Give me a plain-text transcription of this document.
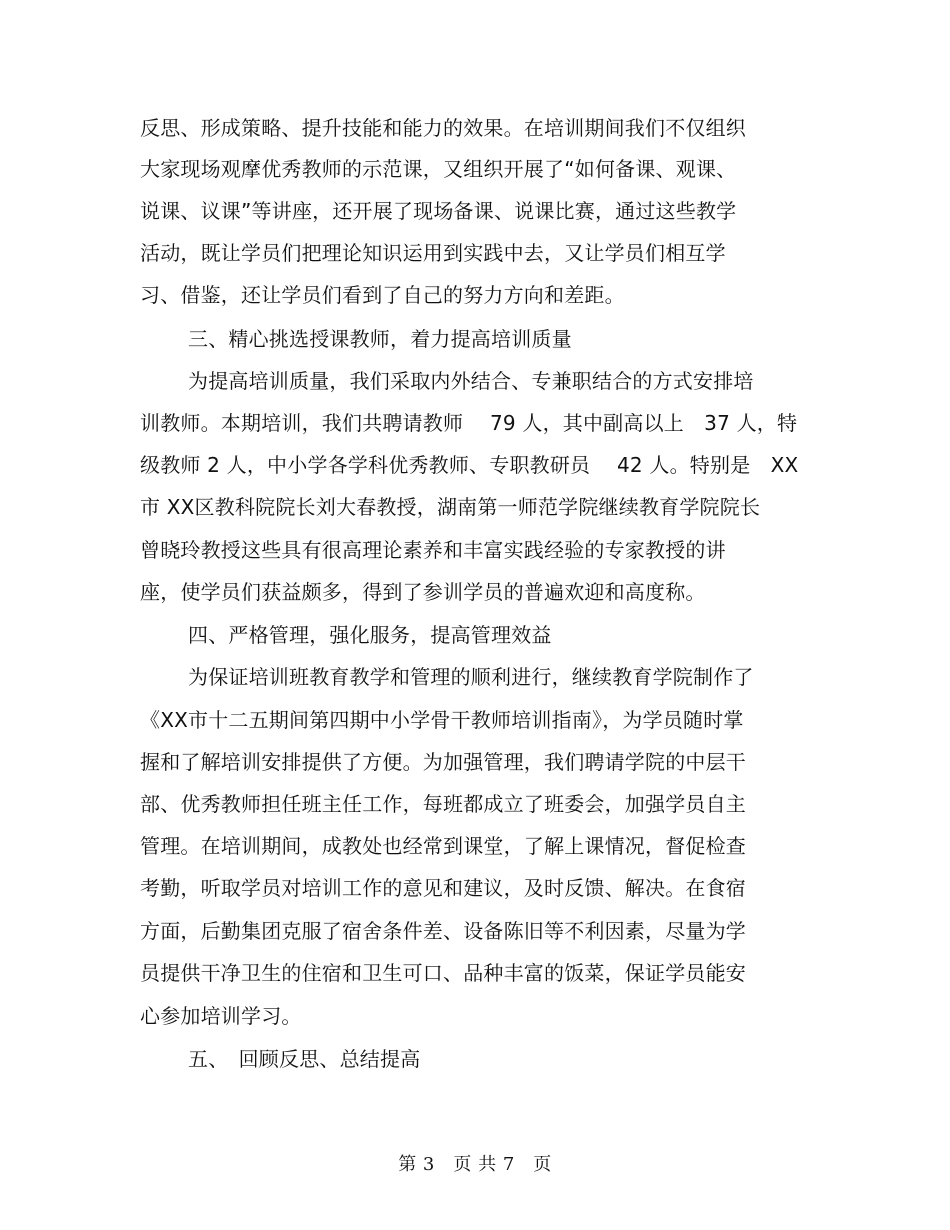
反思、形成策略、提升技能和能力的效果。在培训期间我们不仅组织
大家现场观摩优秀教师的示范课，又组织开展了“如何备课、观课、
说课、议课”等讲座，还开展了现场备课、说课比赛，通过这些教学
活动，既让学员们把理论知识运用到实践中去，又让学员们相互学
习、借鉴，还让学员们看到了自己的努力方向和差距。
三、精心挑选授课教师，着力提高培训质量
为提高培训质量，我们采取内外结合、专兼职结合的方式安排培
训教师。本期培训，我们共聘请教师　 79 人，其中副高以上　37 人，特
级教师 2 人，中小学各学科优秀教师、专职教研员　 42 人。特别是　XX
市 XX区教科院院长刘大春教授，湖南第一师范学院继续教育学院院长
曾晓玲教授这些具有很高理论素养和丰富实践经验的专家教授的讲
座，使学员们获益颇多，得到了参训学员的普遍欢迎和高度称。
四、严格管理，强化服务，提高管理效益
为保证培训班教育教学和管理的顺利进行，继续教育学院制作了
《XX市十二五期间第四期中小学骨干教师培训指南》，为学员随时掌
握和了解培训安排提供了方便。为加强管理，我们聘请学院的中层干
部、优秀教师担任班主任工作，每班都成立了班委会，加强学员自主
管理。在培训期间，成教处也经常到课堂，了解上课情况，督促检查
考勤，听取学员对培训工作的意见和建议，及时反馈、解决。在食宿
方面，后勤集团克服了宿舍条件差、设备陈旧等不利因素，尽量为学
员提供干净卫生的住宿和卫生可口、品种丰富的饭菜，保证学员能安
心参加培训学习。
五、　回顾反思、总结提高
第 3　页 共 7　页
